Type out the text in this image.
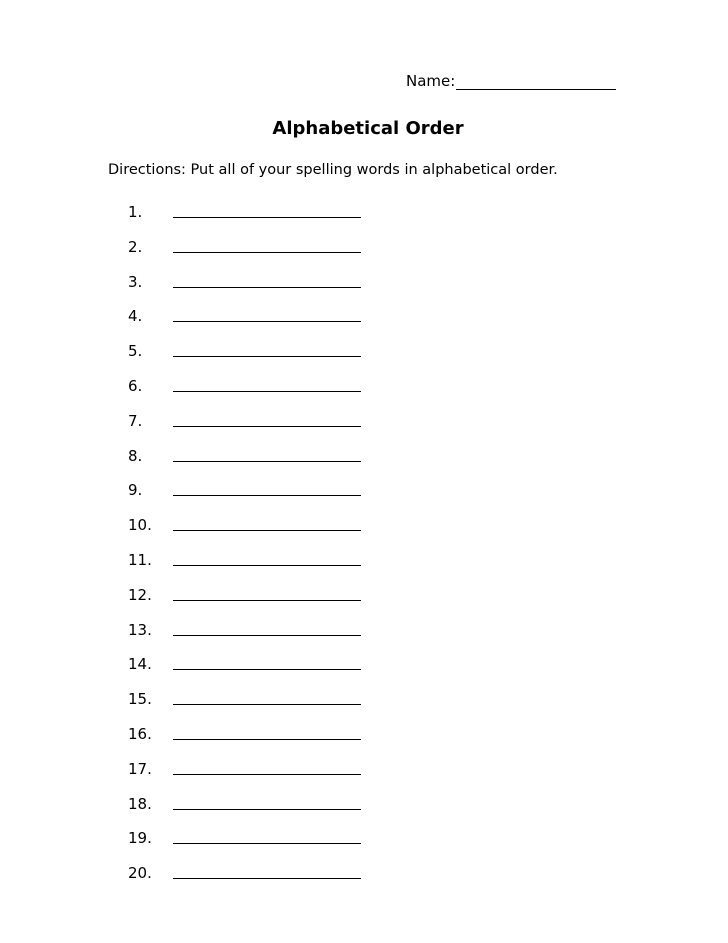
Name:
Alphabetical Order
Directions: Put all of your spelling words in alphabetical order.
1.
2.
3.
4.
5.
6.
7.
8.
9.
10.
11.
12.
13.
14.
15.
16.
17.
18.
19.
20.
